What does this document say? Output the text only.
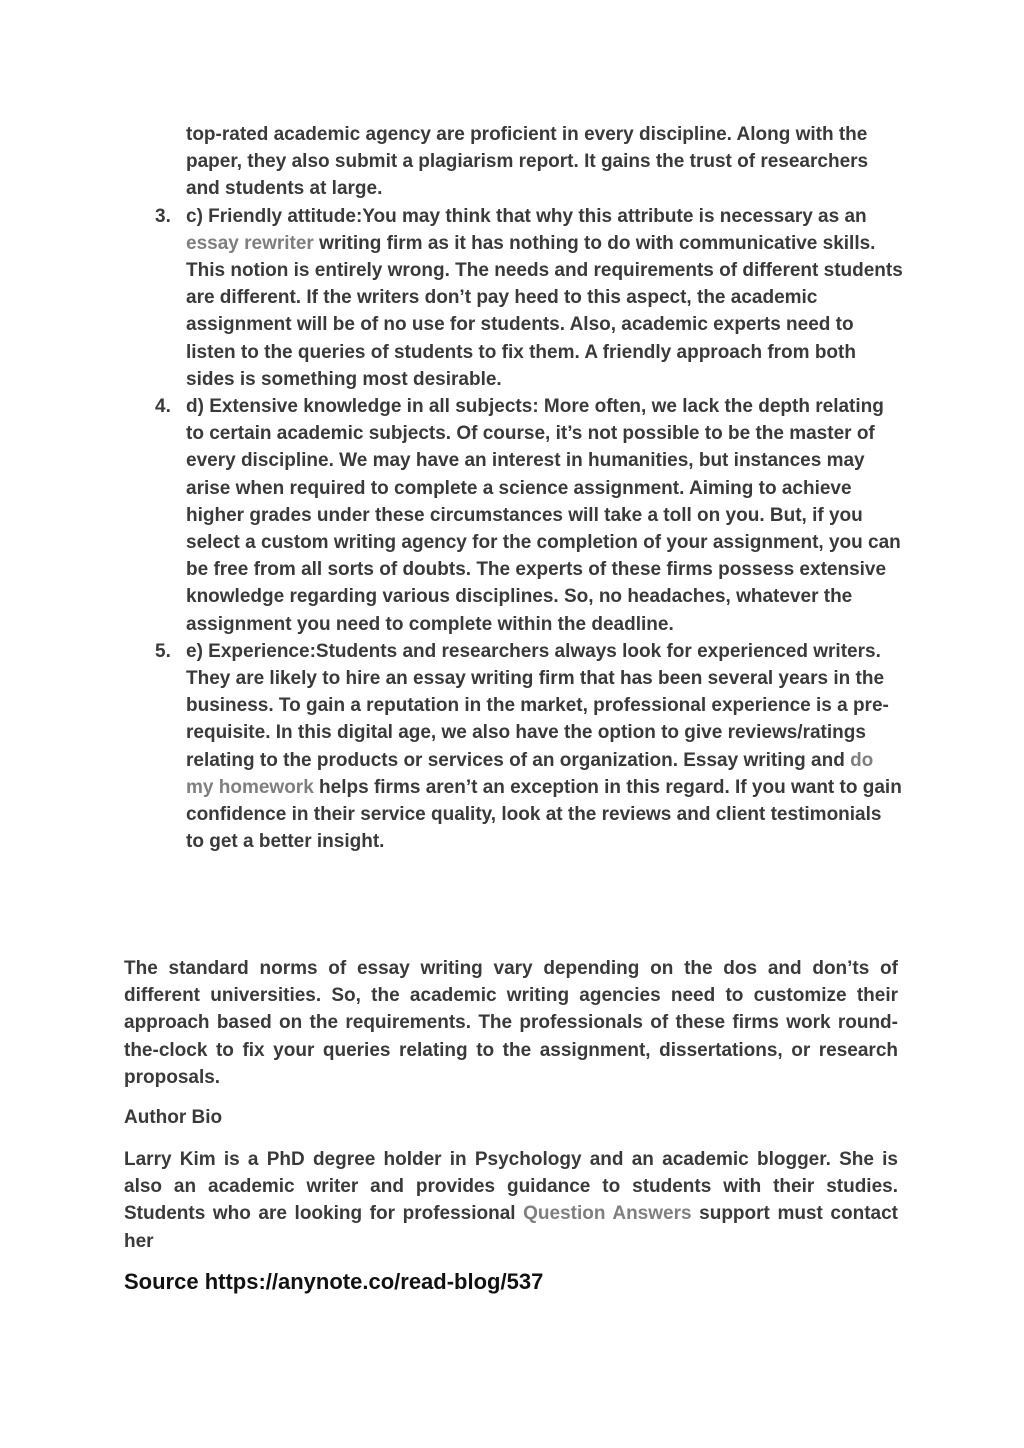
top-rated academic agency are proficient in every discipline. Along with the paper, they also submit a plagiarism report. It gains the trust of researchers and students at large.

3. c) Friendly attitude:You may think that why this attribute is necessary as an essay rewriter writing firm as it has nothing to do with communicative skills. This notion is entirely wrong. The needs and requirements of different students are different. If the writers don’t pay heed to this aspect, the academic assignment will be of no use for students. Also, academic experts need to listen to the queries of students to fix them. A friendly approach from both sides is something most desirable.
4. d) Extensive knowledge in all subjects: More often, we lack the depth relating to certain academic subjects. Of course, it’s not possible to be the master of every discipline. We may have an interest in humanities, but instances may arise when required to complete a science assignment. Aiming to achieve higher grades under these circumstances will take a toll on you. But, if you select a custom writing agency for the completion of your assignment, you can be free from all sorts of doubts. The experts of these firms possess extensive knowledge regarding various disciplines. So, no headaches, whatever the assignment you need to complete within the deadline.
5. e) Experience:Students and researchers always look for experienced writers. They are likely to hire an essay writing firm that has been several years in the business. To gain a reputation in the market, professional experience is a pre-requisite. In this digital age, we also have the option to give reviews/ratings relating to the products or services of an organization. Essay writing and do my homework helps firms aren’t an exception in this regard. If you want to gain confidence in their service quality, look at the reviews and client testimonials to get a better insight.

The standard norms of essay writing vary depending on the dos and don’ts of different universities. So, the academic writing agencies need to customize their approach based on the requirements. The professionals of these firms work round-the-clock to fix your queries relating to the assignment, dissertations, or research proposals.

Author Bio

Larry Kim is a PhD degree holder in Psychology and an academic blogger. She is also an academic writer and provides guidance to students with their studies. Students who are looking for professional Question Answers support must contact her

Source https://anynote.co/read-blog/537
